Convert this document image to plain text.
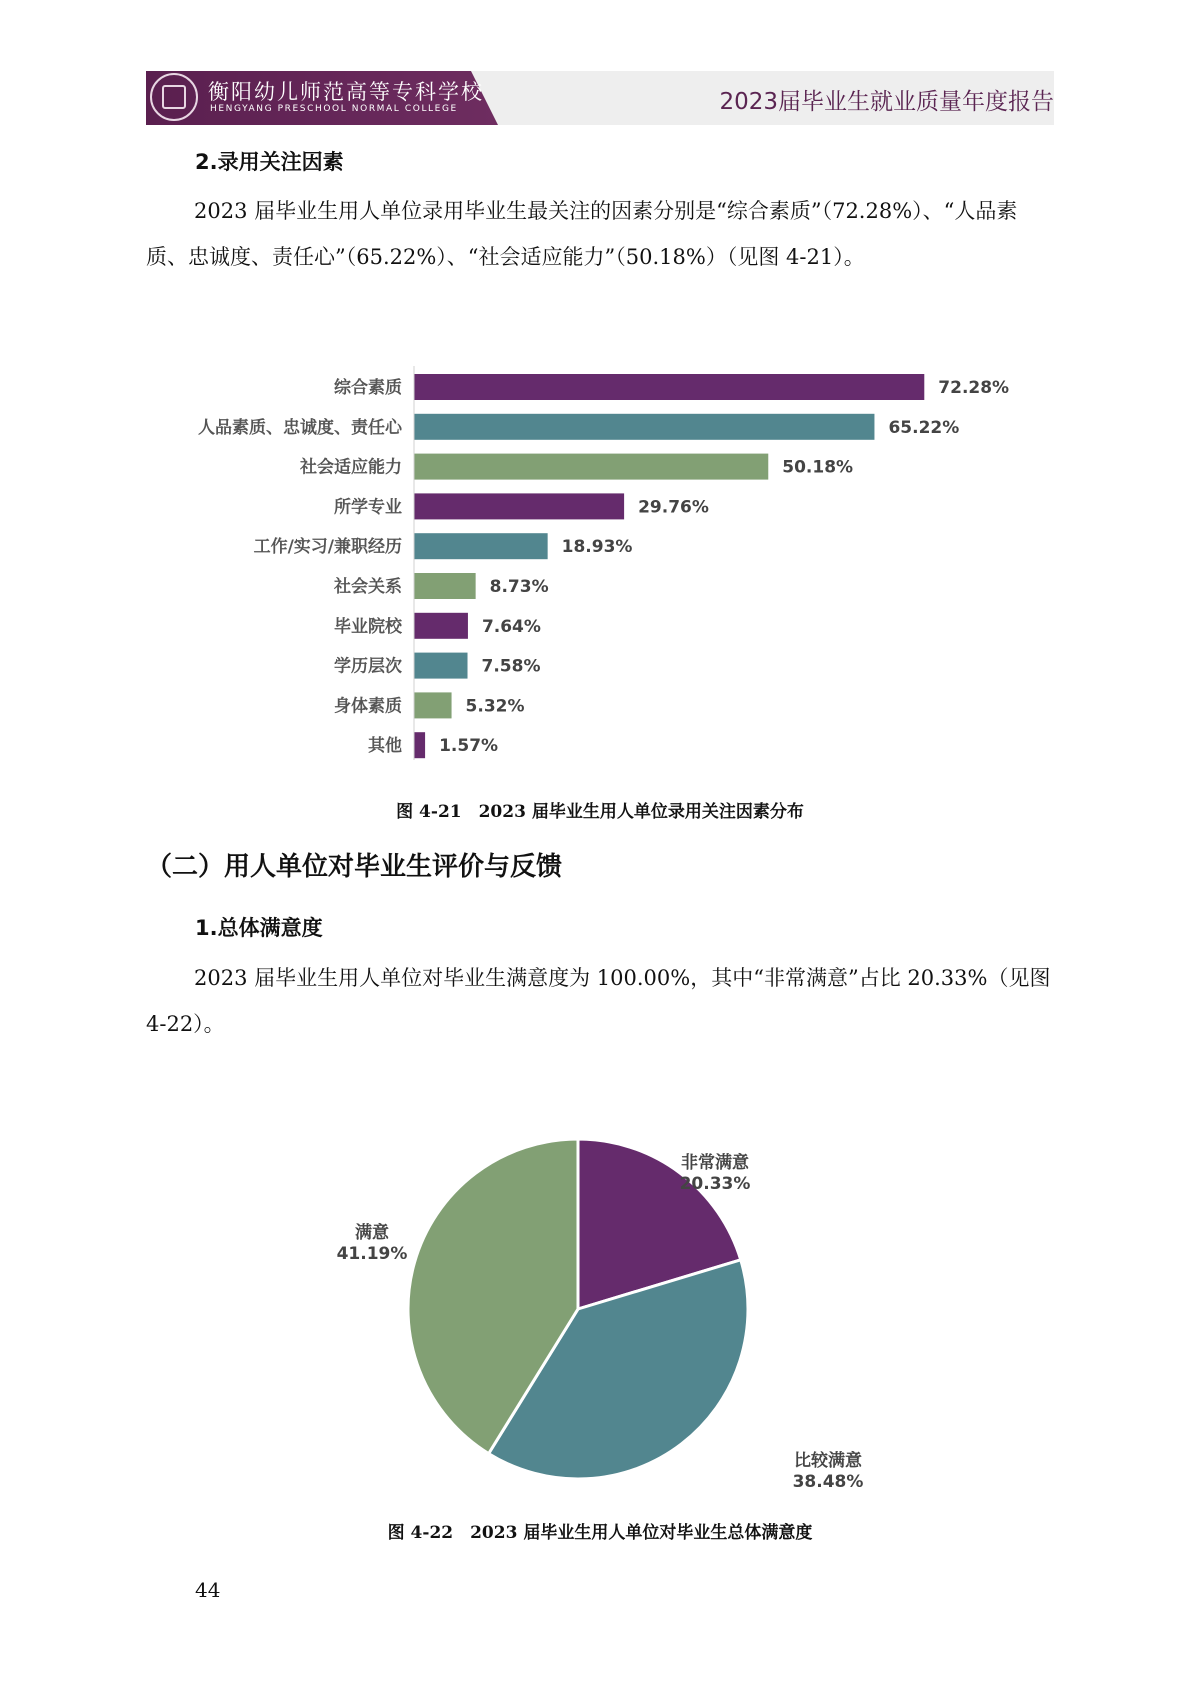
衡阳幼儿师范高等专科学校
HENGYANG PRESCHOOL NORMAL COLLEGE	2023届毕业生就业质量年度报告
2.录用关注因素
2023 届毕业生用人单位录用毕业生最关注的因素分别是“综合素质”（72.28%）、“人品素质、忠诚度、责任心”（65.22%）、“社会适应能力”（50.18%）（见图 4-21）。
综合素质	72.28%
人品素质、忠诚度、责任心	65.22%
社会适应能力	50.18%
所学专业	29.76%
工作/实习/兼职经历	18.93%
社会关系	8.73%
毕业院校	7.64%
学历层次	7.58%
身体素质	5.32%
其他 1.57%
图 4-21　2023 届毕业生用人单位录用关注因素分布
（二）用人单位对毕业生评价与反馈
1.总体满意度
2023 届毕业生用人单位对毕业生满意度为 100.00%，其中“非常满意”占比 20.33%（见图 4-22）。
非常满意
20.33%
比较满意
38.48%
满意
41.19%
图 4-22　2023 届毕业生用人单位对毕业生总体满意度
44
